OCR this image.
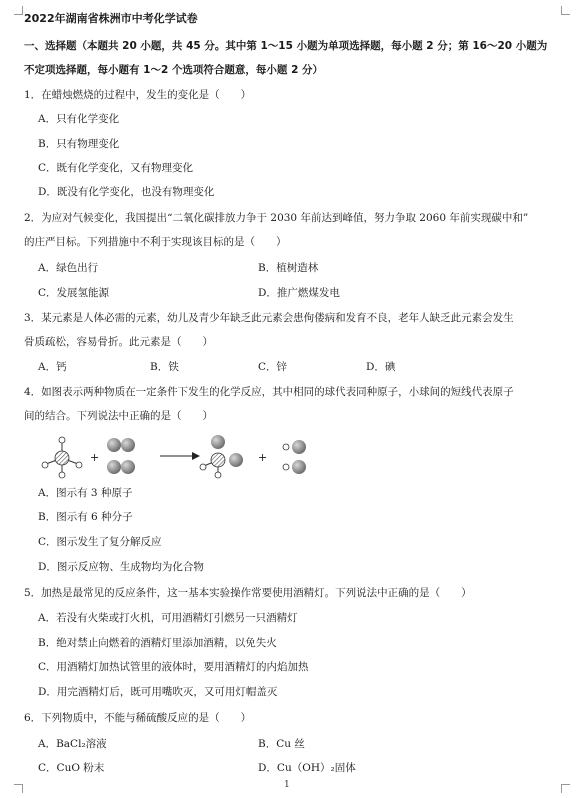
2022年湖南省株洲市中考化学试卷
一、选择题（本题共 20 小题，共 45 分。其中第 1～15 小题为单项选择题，每小题 2 分；第 16～20 小题为
不定项选择题，每小题有 1～2 个选项符合题意，每小题 2 分）
1．在蜡烛燃烧的过程中，发生的变化是（　　）
A．只有化学变化
B．只有物理变化
C．既有化学变化，又有物理变化
D．既没有化学变化，也没有物理变化
2．为应对气候变化，我国提出“二氧化碳排放力争于 2030 年前达到峰值，努力争取 2060 年前实现碳中和”
的庄严目标。下列措施中不利于实现该目标的是（　　）
A．绿色出行	B．植树造林
C．发展氢能源	D．推广燃煤发电
3．某元素是人体必需的元素，幼儿及青少年缺乏此元素会患佝偻病和发育不良，老年人缺乏此元素会发生
骨质疏松，容易骨折。此元素是（　　）
A．钙	B．铁	C．锌	D．碘
4．如图表示两种物质在一定条件下发生的化学反应，其中相同的球代表同种原子，小球间的短线代表原子
间的结合。下列说法中正确的是（　　）
+	+
A．图示有 3 种原子
B．图示有 6 种分子
C．图示发生了复分解反应
D．图示反应物、生成物均为化合物
5．加热是最常见的反应条件，这一基本实验操作常要使用酒精灯。下列说法中正确的是（　　）
A．若没有火柴或打火机，可用酒精灯引燃另一只酒精灯
B．绝对禁止向燃着的酒精灯里添加酒精，以免失火
C．用酒精灯加热试管里的液体时，要用酒精灯的内焰加热
D．用完酒精灯后，既可用嘴吹灭，又可用灯帽盖灭
6．下列物质中，不能与稀硫酸反应的是（　　）
A．BaCl₂溶液	B．Cu 丝
C．CuO 粉末	D．Cu（OH）₂固体
1
